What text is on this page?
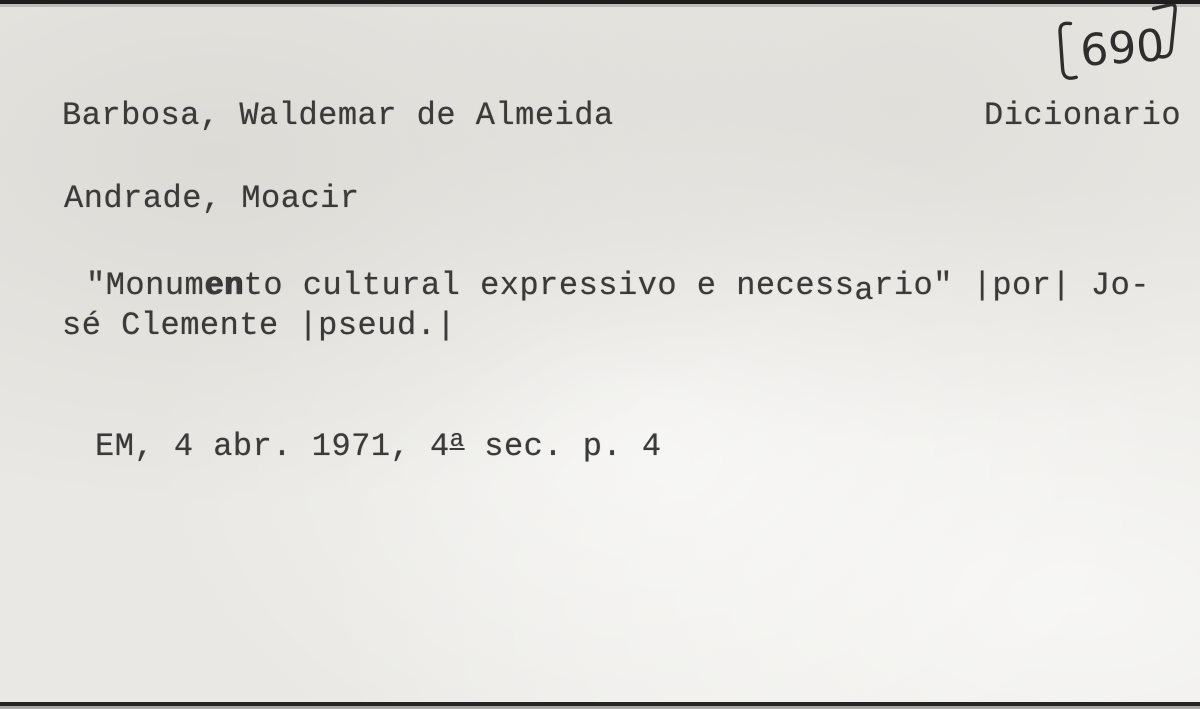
690
Barbosa, Waldemar de Almeida	Dicionario
Andrade, Moacir
"Monumento cultural expressivo e necessario" |por| Jo-
sé Clemente |pseud.|
EM, 4 abr. 1971, 4$^a$ sec. p. 4
